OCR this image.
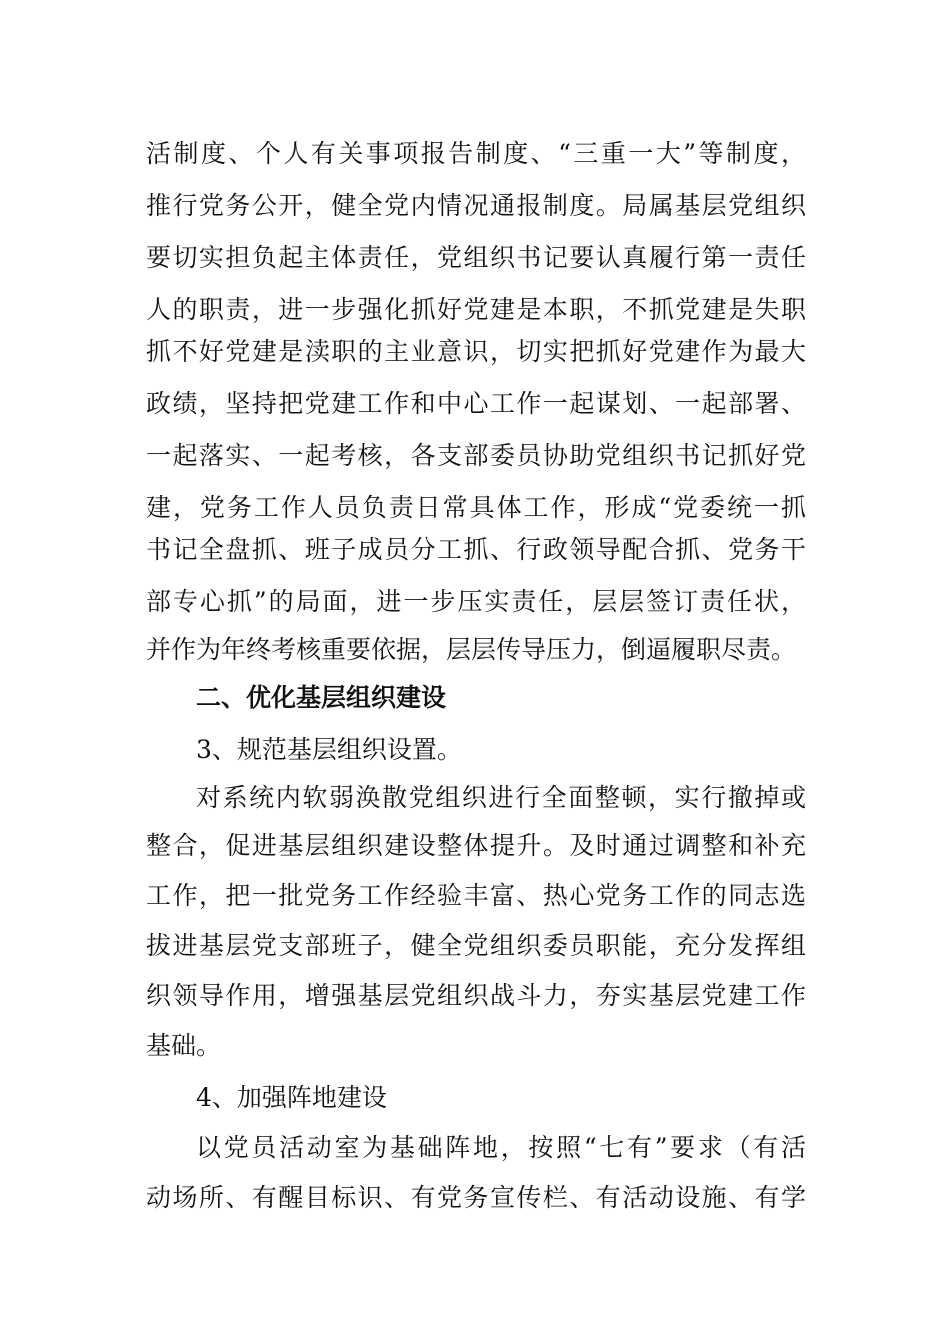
活制度、个人有关事项报告制度、“三重一大”等制度，
推行党务公开，健全党内情况通报制度。局属基层党组织
要切实担负起主体责任，党组织书记要认真履行第一责任
人的职责，进一步强化抓好党建是本职，不抓党建是失职
抓不好党建是渎职的主业意识，切实把抓好党建作为最大
政绩，坚持把党建工作和中心工作一起谋划、一起部署、
一起落实、一起考核，各支部委员协助党组织书记抓好党
建，党务工作人员负责日常具体工作，形成“党委统一抓
书记全盘抓、班子成员分工抓、行政领导配合抓、党务干
部专心抓”的局面，进一步压实责任，层层签订责任状，
并作为年终考核重要依据，层层传导压力，倒逼履职尽责。
二、优化基层组织建设
3、规范基层组织设置。
对系统内软弱涣散党组织进行全面整顿，实行撤掉或
整合，促进基层组织建设整体提升。及时通过调整和补充
工作，把一批党务工作经验丰富、热心党务工作的同志选
拔进基层党支部班子，健全党组织委员职能，充分发挥组
织领导作用，增强基层党组织战斗力，夯实基层党建工作
基础。
4、加强阵地建设
以党员活动室为基础阵地，按照“七有”要求（有活
动场所、有醒目标识、有党务宣传栏、有活动设施、有学
